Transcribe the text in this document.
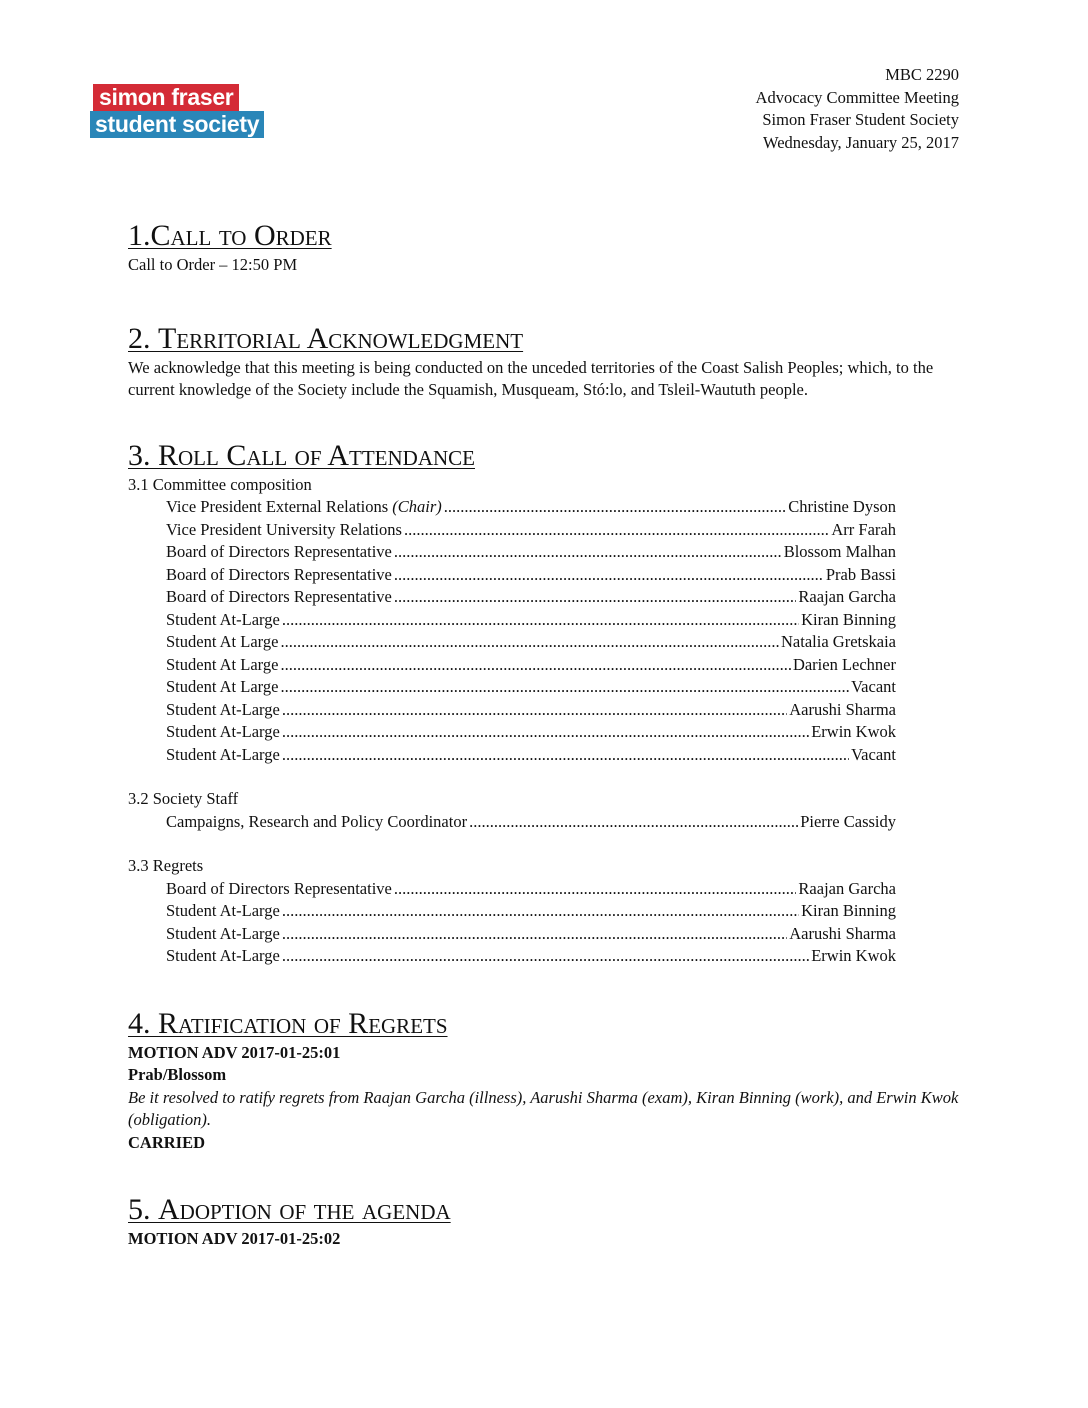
simon fraser
student society
MBC 2290
Advocacy Committee Meeting
Simon Fraser Student Society
Wednesday, January 25, 2017
1.Call to Order

Call to Order – 12:50 PM

2. Territorial Acknowledgment

We acknowledge that this meeting is being conducted on the unceded territories of the Coast Salish Peoples; which, to the current knowledge of the Society include the Squamish, Musqueam, Stó:lo, and Tsleil-Waututh people.

3. Roll Call of Attendance

3.1 Committee composition

Vice President External Relations
(Chair) .....	Christine Dyson
Vice President University Relations .....	Arr Farah
Board of Directors Representative .....	Blossom Malhan
Board of Directors Representative .....	Prab Bassi
Board of Directors Representative .....	Raajan Garcha
Student At-Large .....	Kiran Binning
Student At Large .....	Natalia Gretskaia
Student At Large .....	Darien Lechner
Student At Large .....	Vacant
Student At-Large .....	Aarushi Sharma
Student At-Large .....	Erwin Kwok
Student At-Large .....	Vacant

3.2 Society Staff

Campaigns, Research and Policy Coordinator .....	Pierre Cassidy

3.3 Regrets

Board of Directors Representative .....	Raajan Garcha
Student At-Large .....	Kiran Binning
Student At-Large .....	Aarushi Sharma
Student At-Large .....	Erwin Kwok
4. Ratification of Regrets

MOTION ADV 2017-01-25:01

Prab/Blossom

Be it resolved to ratify regrets from Raajan Garcha (illness), Aarushi Sharma (exam), Kiran Binning (work), and Erwin Kwok (obligation).

CARRIED

5. Adoption of the agenda

MOTION ADV 2017-01-25:02
